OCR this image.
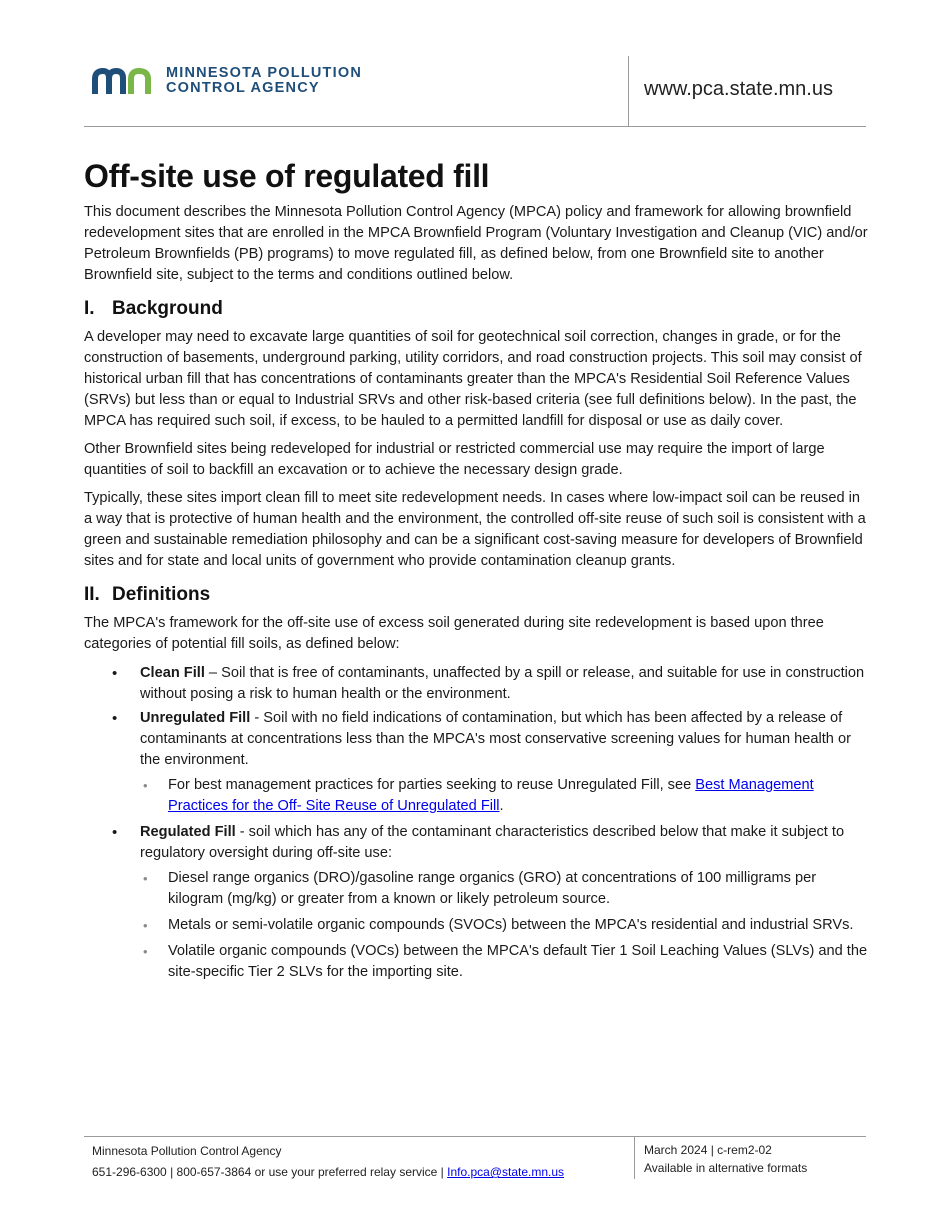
MINNESOTA POLLUTION
CONTROL AGENCY	www.pca.state.mn.us
Off-site use of regulated fill

This document describes the Minnesota Pollution Control Agency (MPCA) policy and framework for allowing brownfield redevelopment sites that are enrolled in the MPCA Brownfield Program (Voluntary Investigation and Cleanup (VIC) and/or Petroleum Brownfields (PB) programs) to move regulated fill, as defined below, from one Brownfield site to another Brownfield site, subject to the terms and conditions outlined below.

I. Background

A developer may need to excavate large quantities of soil for geotechnical soil correction, changes in grade, or for the construction of basements, underground parking, utility corridors, and road construction projects. This soil may consist of historical urban fill that has concentrations of contaminants greater than the MPCA's Residential Soil Reference Values (SRVs) but less than or equal to Industrial SRVs and other risk-based criteria (see full definitions below). In the past, the MPCA has required such soil, if excess, to be hauled to a permitted landfill for disposal or use as daily cover.

Other Brownfield sites being redeveloped for industrial or restricted commercial use may require the import of large quantities of soil to backfill an excavation or to achieve the necessary design grade.

Typically, these sites import clean fill to meet site redevelopment needs. In cases where low-impact soil can be reused in a way that is protective of human health and the environment, the controlled off-site reuse of such soil is consistent with a green and sustainable remediation philosophy and can be a significant cost-saving measure for developers of Brownfield sites and for state and local units of government who provide contamination cleanup grants.

II. Definitions

The MPCA's framework for the off-site use of excess soil generated during site redevelopment is based upon three categories of potential fill soils, as defined below:

• Clean Fill – Soil that is free of contaminants, unaffected by a spill or release, and suitable for use in construction without posing a risk to human health or the environment.
• Unregulated Fill - Soil with no field indications of contamination, but which has been affected by a release of contaminants at concentrations less than the MPCA's most conservative screening values for human health or the environment.
• For best management practices for parties seeking to reuse Unregulated Fill, see Best Management Practices for the Off- Site Reuse of Unregulated Fill.
• Regulated Fill - soil which has any of the contaminant characteristics described below that make it subject to regulatory oversight during off-site use:
• Diesel range organics (DRO)/gasoline range organics (GRO) at concentrations of 100 milligrams per kilogram (mg/kg) or greater from a known or likely petroleum source.
• Metals or semi-volatile organic compounds (SVOCs) between the MPCA's residential and industrial SRVs.
• Volatile organic compounds (VOCs) between the MPCA's default Tier 1 Soil Leaching Values (SLVs) and the site-specific Tier 2 SLVs for the importing site.
Minnesota Pollution Control Agency
651-296-6300 | 800-657-3864 or use your preferred relay service | Info.pca@state.mn.us
March 2024 | c-rem2-02
Available in alternative formats
